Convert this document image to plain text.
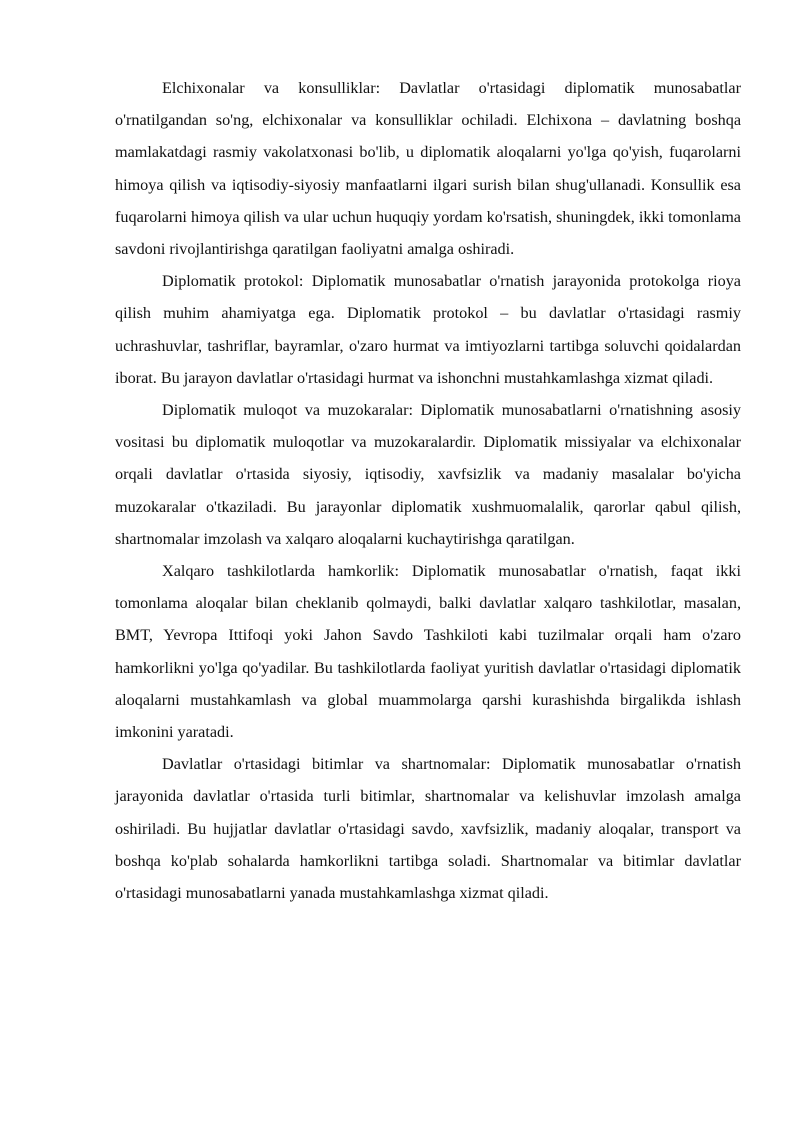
Elchixonalar va konsulliklar: Davlatlar o'rtasidagi diplomatik munosabatlar o'rnatilgandan so'ng, elchixonalar va konsulliklar ochiladi. Elchixona – davlatning boshqa mamlakatdagi rasmiy vakolatxonasi bo'lib, u diplomatik aloqalarni yo'lga qo'yish, fuqarolarni himoya qilish va iqtisodiy-siyosiy manfaatlarni ilgari surish bilan shug'ullanadi. Konsullik esa fuqarolarni himoya qilish va ular uchun huquqiy yordam ko'rsatish, shuningdek, ikki tomonlama savdoni rivojlantirishga qaratilgan faoliyatni amalga oshiradi.

Diplomatik protokol: Diplomatik munosabatlar o'rnatish jarayonida protokolga rioya qilish muhim ahamiyatga ega. Diplomatik protokol – bu davlatlar o'rtasidagi rasmiy uchrashuvlar, tashriflar, bayramlar, o'zaro hurmat va imtiyozlarni tartibga soluvchi qoidalardan iborat. Bu jarayon davlatlar o'rtasidagi hurmat va ishonchni mustahkamlashga xizmat qiladi.

Diplomatik muloqot va muzokaralar: Diplomatik munosabatlarni o'rnatishning asosiy vositasi bu diplomatik muloqotlar va muzokaralardir. Diplomatik missiyalar va elchixonalar orqali davlatlar o'rtasida siyosiy, iqtisodiy, xavfsizlik va madaniy masalalar bo'yicha muzokaralar o'tkaziladi. Bu jarayonlar diplomatik xushmuomalalik, qarorlar qabul qilish, shartnomalar imzolash va xalqaro aloqalarni kuchaytirishga qaratilgan.

Xalqaro tashkilotlarda hamkorlik: Diplomatik munosabatlar o'rnatish, faqat ikki tomonlama aloqalar bilan cheklanib qolmaydi, balki davlatlar xalqaro tashkilotlar, masalan, BMT, Yevropa Ittifoqi yoki Jahon Savdo Tashkiloti kabi tuzilmalar orqali ham o'zaro hamkorlikni yo'lga qo'yadilar. Bu tashkilotlarda faoliyat yuritish davlatlar o'rtasidagi diplomatik aloqalarni mustahkamlash va global muammolarga qarshi kurashishda birgalikda ishlash imkonini yaratadi.

Davlatlar o'rtasidagi bitimlar va shartnomalar: Diplomatik munosabatlar o'rnatish jarayonida davlatlar o'rtasida turli bitimlar, shartnomalar va kelishuvlar imzolash amalga oshiriladi. Bu hujjatlar davlatlar o'rtasidagi savdo, xavfsizlik, madaniy aloqalar, transport va boshqa ko'plab sohalarda hamkorlikni tartibga soladi. Shartnomalar va bitimlar davlatlar o'rtasidagi munosabatlarni yanada mustahkamlashga xizmat qiladi.
